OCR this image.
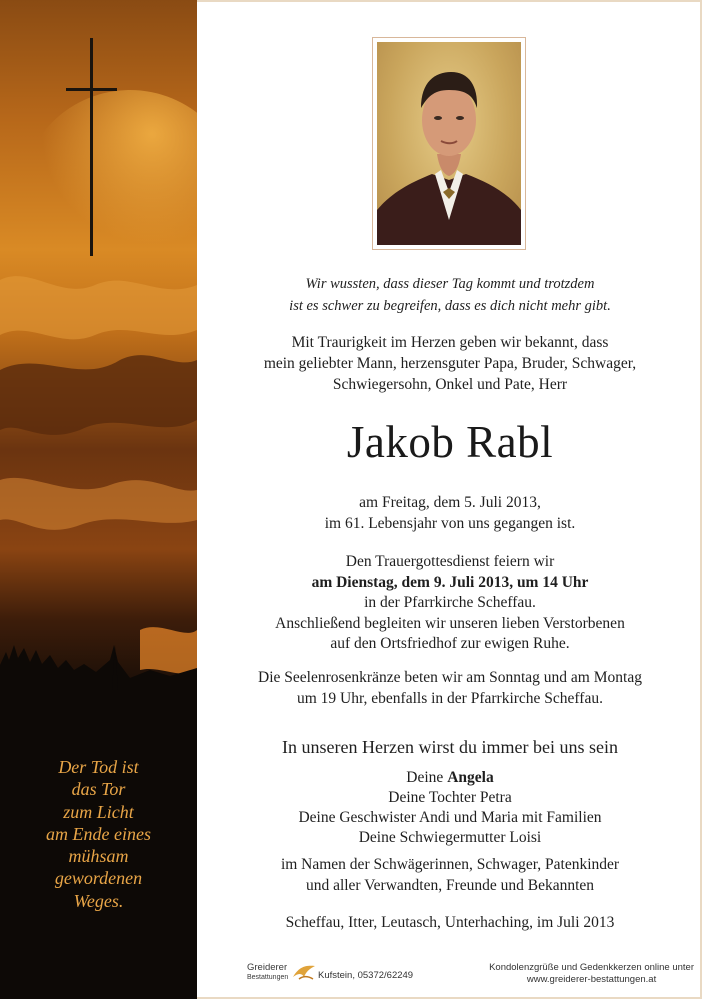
Der Tod ist
das Tor
zum Licht
am Ende eines
mühsam
gewordenen
Weges.
Wir wussten, dass dieser Tag kommt und trotzdem
ist es schwer zu begreifen, dass es dich nicht mehr gibt.
Mit Traurigkeit im Herzen geben wir bekannt, dass
mein geliebter Mann, herzensguter Papa, Bruder, Schwager,
Schwiegersohn, Onkel und Pate, Herr
Jakob Rabl
am Freitag, dem 5. Juli 2013,
im 61. Lebensjahr von uns gegangen ist.
Den Trauergottesdienst feiern wir
am Dienstag, dem 9. Juli 2013, um 14 Uhr
in der Pfarrkirche Scheffau.
Anschließend begleiten wir unseren lieben Verstorbenen
auf den Ortsfriedhof zur ewigen Ruhe.
Die Seelenrosenkränze beten wir am Sonntag und am Montag
um 19 Uhr, ebenfalls in der Pfarrkirche Scheffau.
In unseren Herzen wirst du immer bei uns sein
Deine Angela
Deine Tochter Petra
Deine Geschwister Andi und Maria mit Familien
Deine Schwiegermutter Loisi
im Namen der Schwägerinnen, Schwager, Patenkinder
und aller Verwandten, Freunde und Bekannten
Scheffau, Itter, Leutasch, Unterhaching, im Juli 2013
Greiderer
Bestattungen	Kufstein, 05372/62249
Kondolenzgrüße und Gedenkkerzen online unter
www.greiderer-bestattungen.at
